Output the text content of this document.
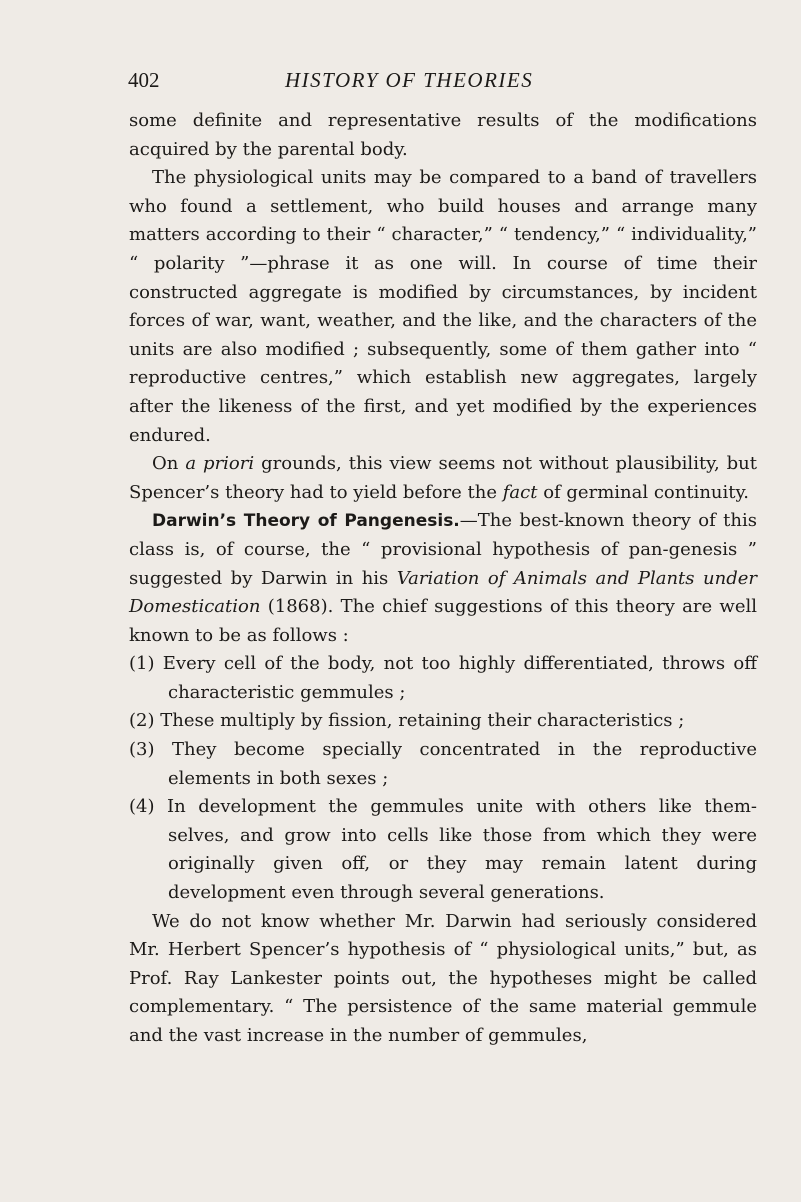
402	HISTORY OF THEORIES

some definite and representative results of the modifications acquired by the parental body.

The physiological units may be compared to a band of travellers who found a settlement, who build houses and arrange many matters according to their “ character,” “ tendency,” “ individuality,” “ polarity ”—phrase it as one will. In course of time their constructed aggregate is modified by circumstances, by incident forces of war, want, weather, and the like, and the characters of the units are also modified ; subsequently, some of them gather into “ reproductive centres,” which establish new aggregates, largely after the likeness of the first, and yet modified by the experiences endured.

On a priori grounds, this view seems not without plausibility, but Spencer’s theory had to yield before the fact of germinal continuity.

Darwin’s Theory of Pangenesis.—The best-known theory of this class is, of course, the “ provisional hypothesis of pan-genesis ” suggested by Darwin in his Variation of Animals and Plants under Domestication (1868). The chief suggestions of this theory are well known to be as follows :

(1) Every cell of the body, not too highly differentiated, throws off characteristic gemmules ;

(2) These multiply by fission, retaining their characteristics ;

(3) They become specially concentrated in the reproductive elements in both sexes ;

(4) In development the gemmules unite with others like them-selves, and grow into cells like those from which they were originally given off, or they may remain latent during development even through several generations.

We do not know whether Mr. Darwin had seriously considered Mr. Herbert Spencer’s hypothesis of “ physiological units,” but, as Prof. Ray Lankester points out, the hypotheses might be called complementary. “ The persistence of the same material gemmule and the vast increase in the number of gemmules,
